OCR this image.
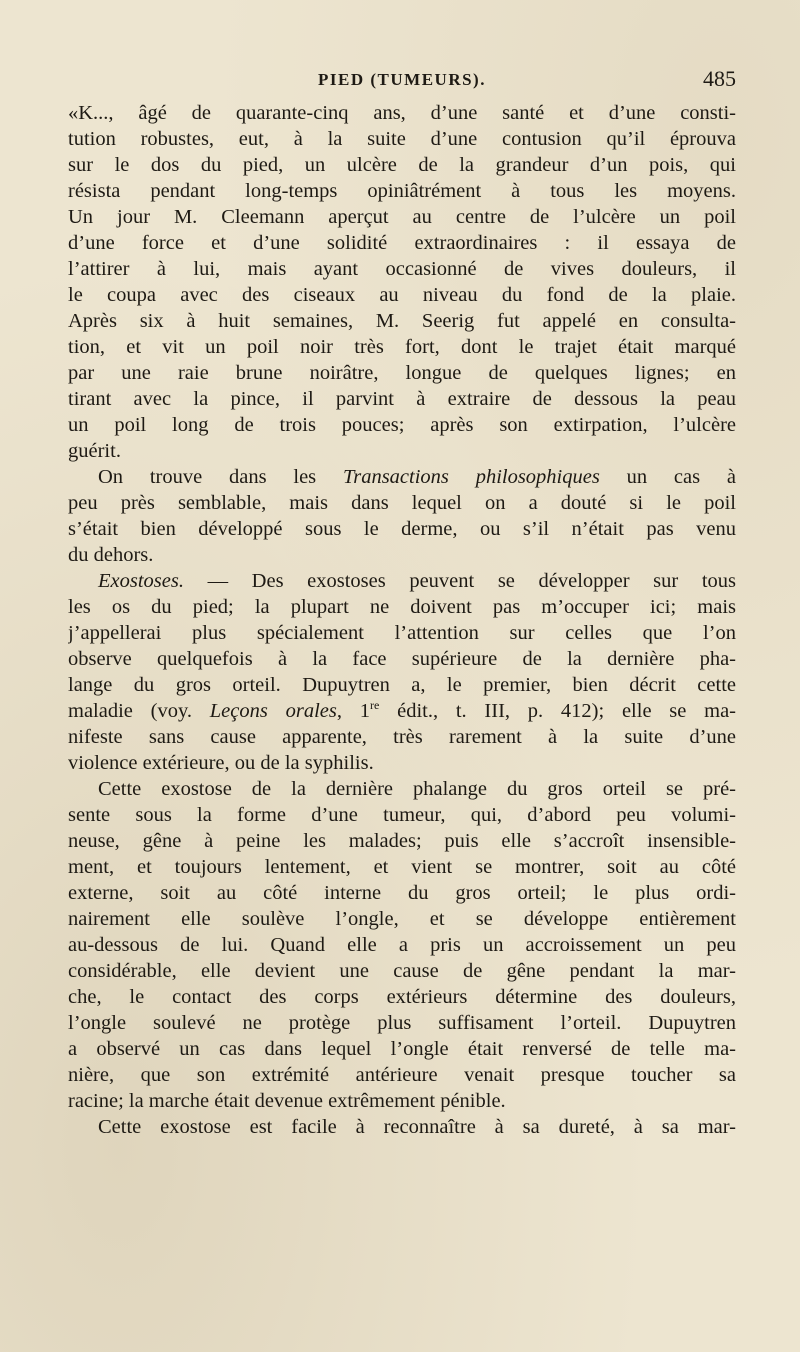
PIED (TUMEURS).	485
«K..., âgé de quarante-cinq ans, d’une santé et d’une consti-
tution robustes, eut, à la suite d’une contusion qu’il éprouva
sur le dos du pied, un ulcère de la grandeur d’un pois, qui
résista pendant long-temps opiniâtrément à tous les moyens.
Un jour M. Cleemann aperçut au centre de l’ulcère un poil
d’une force et d’une solidité extraordinaires : il essaya de
l’attirer à lui, mais ayant occasionné de vives douleurs, il
le coupa avec des ciseaux au niveau du fond de la plaie.
Après six à huit semaines, M. Seerig fut appelé en consulta-
tion, et vit un poil noir très fort, dont le trajet était marqué
par une raie brune noirâtre, longue de quelques lignes; en
tirant avec la pince, il parvint à extraire de dessous la peau
un poil long de trois pouces; après son extirpation, l’ulcère
guérit.
On trouve dans les Transactions philosophiques un cas à
peu près semblable, mais dans lequel on a douté si le poil
s’était bien développé sous le derme, ou s’il n’était pas venu
du dehors.
Exostoses. — Des exostoses peuvent se développer sur tous
les os du pied; la plupart ne doivent pas m’occuper ici; mais
j’appellerai plus spécialement l’attention sur celles que l’on
observe quelquefois à la face supérieure de la dernière pha-
lange du gros orteil. Dupuytren a, le premier, bien décrit cette
maladie (voy. Leçons orales, 1re édit., t. III, p. 412); elle se ma-
nifeste sans cause apparente, très rarement à la suite d’une
violence extérieure, ou de la syphilis.
Cette exostose de la dernière phalange du gros orteil se pré-
sente sous la forme d’une tumeur, qui, d’abord peu volumi-
neuse, gêne à peine les malades; puis elle s’accroît insensible-
ment, et toujours lentement, et vient se montrer, soit au côté
externe, soit au côté interne du gros orteil; le plus ordi-
nairement elle soulève l’ongle, et se développe entièrement
au-dessous de lui. Quand elle a pris un accroissement un peu
considérable, elle devient une cause de gêne pendant la mar-
che, le contact des corps extérieurs détermine des douleurs,
l’ongle soulevé ne protège plus suffisament l’orteil. Dupuytren
a observé un cas dans lequel l’ongle était renversé de telle ma-
nière, que son extrémité antérieure venait presque toucher sa
racine; la marche était devenue extrêmement pénible.
Cette exostose est facile à reconnaître à sa dureté, à sa mar-
